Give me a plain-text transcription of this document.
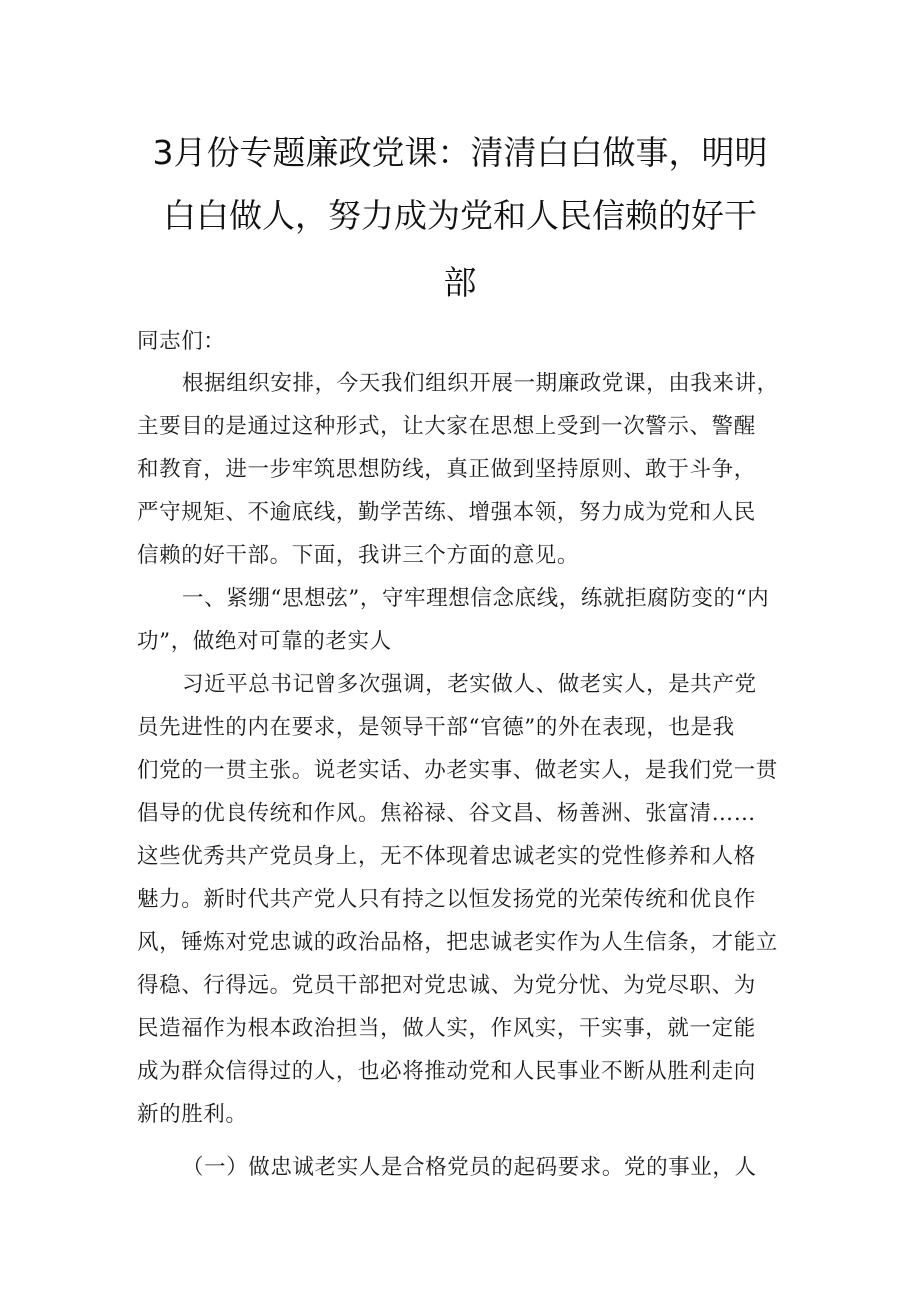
3月份专题廉政党课：清清白白做事，明明
白白做人，努力成为党和人民信赖的好干
部
同志们：
根据组织安排，今天我们组织开展一期廉政党课，由我来讲，
主要目的是通过这种形式，让大家在思想上受到一次警示、警醒
和教育，进一步牢筑思想防线，真正做到坚持原则、敢于斗争，
严守规矩、不逾底线，勤学苦练、增强本领，努力成为党和人民
信赖的好干部。下面，我讲三个方面的意见。
一、紧绷“思想弦”，守牢理想信念底线，练就拒腐防变的“内
功”，做绝对可靠的老实人
习近平总书记曾多次强调，老实做人、做老实人，是共产党
员先进性的内在要求，是领导干部“官德”的外在表现，也是我
们党的一贯主张。说老实话、办老实事、做老实人，是我们党一贯
倡导的优良传统和作风。焦裕禄、谷文昌、杨善洲、张富清……
这些优秀共产党员身上，无不体现着忠诚老实的党性修养和人格
魅力。新时代共产党人只有持之以恒发扬党的光荣传统和优良作
风，锤炼对党忠诚的政治品格，把忠诚老实作为人生信条，才能立
得稳、行得远。党员干部把对党忠诚、为党分忧、为党尽职、为
民造福作为根本政治担当，做人实，作风实，干实事，就一定能
成为群众信得过的人，也必将推动党和人民事业不断从胜利走向
新的胜利。
（一）做忠诚老实人是合格党员的起码要求。党的事业，人
